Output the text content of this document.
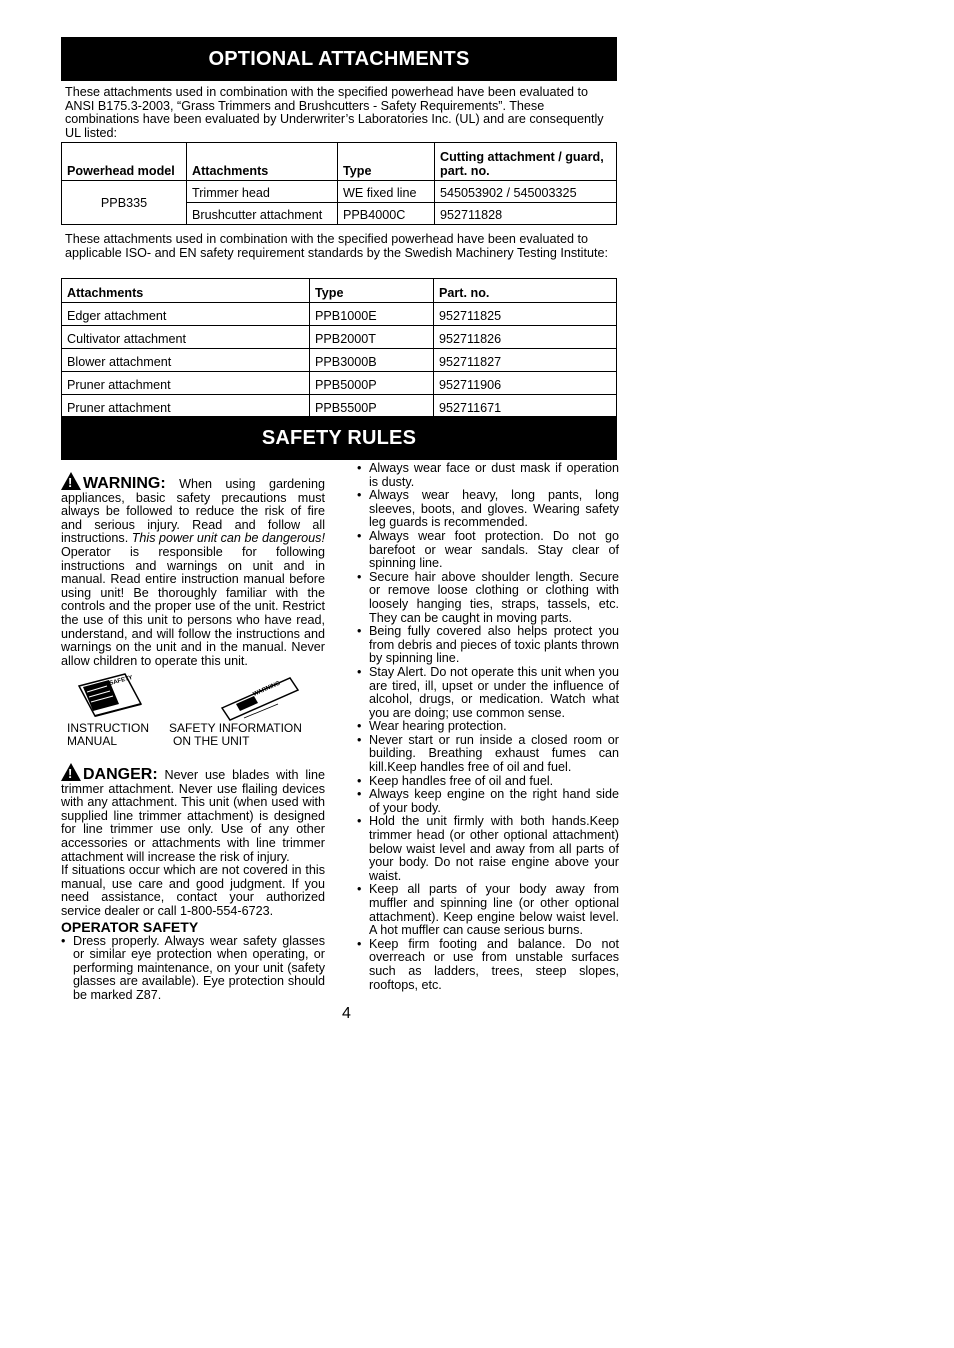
OPTIONAL ATTACHMENTS

These attachments used in combination with the specified powerhead have been evaluated to ANSI B175.3-2003, “Grass Trimmers and Brushcutters - Safety Requirements”. These combinations have been evaluated by Underwriter’s Laboratories Inc. (UL) and are consequently UL listed:

Powerhead model	Attachments	Type	Cutting attachment / guard, part. no.
PPB335	Trimmer head	WE fixed line	545053902 / 545003325
	Brushcutter attachment	PPB4000C	952711828

These attachments used in combination with the specified powerhead have been evaluated to applicable ISO- and EN safety requirement standards by the Swedish Machinery Testing Institute:

Attachments	Type	Part. no.
Edger attachment	PPB1000E	952711825
Cultivator attachment	PPB2000T	952711826
Blower attachment	PPB3000B	952711827
Pruner attachment	PPB5000P	952711906
Pruner attachment	PPB5500P	952711671
SAFETY RULES

!WARNING: When using gardening appliances, basic safety precautions must always be followed to reduce the risk of fire and serious injury. Read and follow all instructions. This power unit can be dangerous! Operator is responsible for following instructions and warnings on unit and in manual. Read entire instruction manual before using unit! Be thoroughly familiar with the controls and the proper use of the unit. Restrict the use of this unit to persons who have read, understand, and will follow the instructions and warnings on the unit and in the manual. Never allow children to operate this unit.

SAFETY	WARNING
INSTRUCTION
MANUAL
SAFETY INFORMATION
ON THE UNIT

!DANGER: Never use blades with line trimmer attachment. Never use flailing devices with any attachment. This unit (when used with supplied line trimmer attachment) is designed for line trimmer use only. Use of any other accessories or attachments with line trimmer attachment will increase the risk of injury.

If situations occur which are not covered in this manual, use care and good judgment. If you need assistance, contact your authorized service dealer or call 1-800-554-6723.

OPERATOR SAFETY
• Dress properly. Always wear safety glasses or similar eye protection when operating, or performing maintenance, on your unit (safety glasses are available). Eye protection should be marked Z87.
• Always wear face or dust mask if operation is dusty.
• Always wear heavy, long pants, long sleeves, boots, and gloves. Wearing safety leg guards is recommended.
• Always wear foot protection. Do not go barefoot or wear sandals. Stay clear of spinning line.
• Secure hair above shoulder length. Secure or remove loose clothing or clothing with loosely hanging ties, straps, tassels, etc. They can be caught in moving parts.
• Being fully covered also helps protect you from debris and pieces of toxic plants thrown by spinning line.
• Stay Alert. Do not operate this unit when you are tired, ill, upset or under the influence of alcohol, drugs, or medication. Watch what you are doing; use common sense.
• Wear hearing protection.
• Never start or run inside a closed room or building. Breathing exhaust fumes can kill.Keep handles free of oil and fuel.
• Keep handles free of oil and fuel.
• Always keep engine on the right hand side of your body.
• Hold the unit firmly with both hands.Keep trimmer head (or other optional attachment) below waist level and away from all parts of your body. Do not raise engine above your waist.
• Keep all parts of your body away from muffler and spinning line (or other optional attachment). Keep engine below waist level. A hot muffler can cause serious burns.
• Keep firm footing and balance. Do not overreach or use from unstable surfaces such as ladders, trees, steep slopes, rooftops, etc.
4
